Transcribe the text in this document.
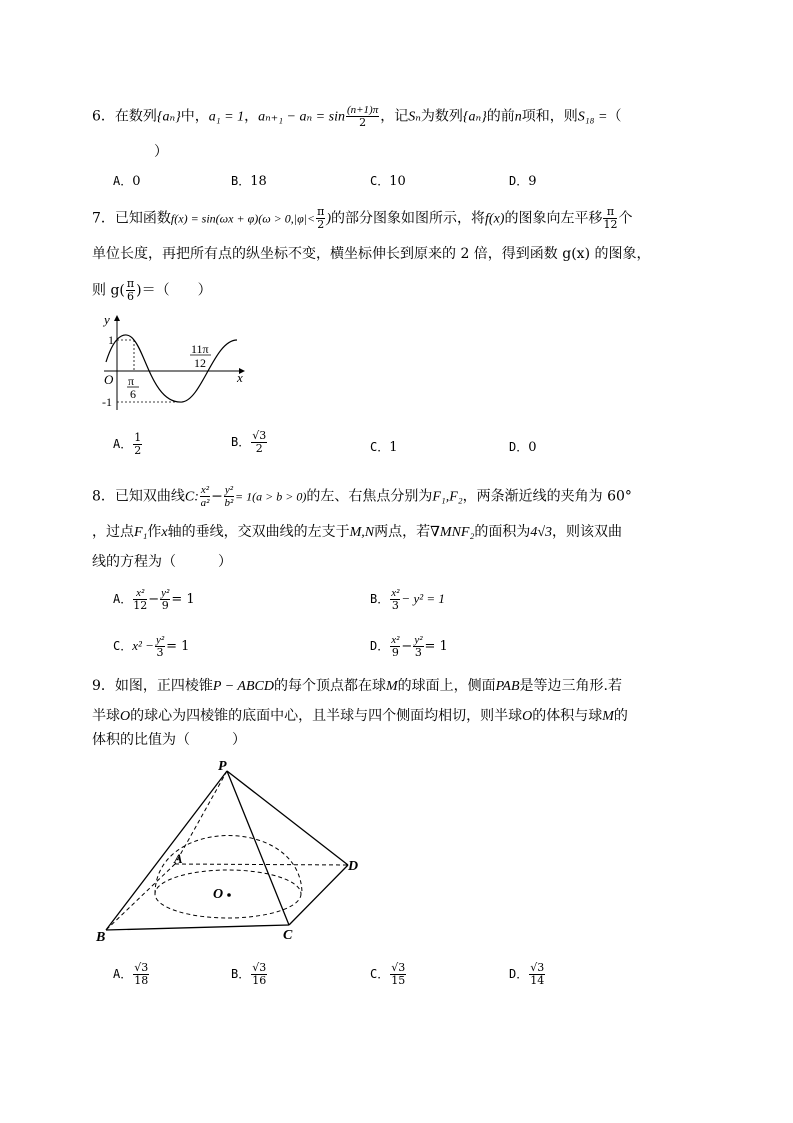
6．在数列{aₙ}中，a₁ = 1，$a_{n+1} - a_n = \sin \frac{(n+1)\pi}{2}$ ，记Sₙ为数列{aₙ}的前n项和，则S₁₈ =（
）
A．0	B．18	C．10	D．9
7．已知函数$f(x) = \sin(\omega x + \varphi)(\omega > 0,|\varphi|< \frac{\pi}{2}$ )的部分图象如图所示，将f(x)的图象向左平移 $\frac{\pi}{12}$ 个
单位长度，再把所有点的纵坐标不变，横坐标伸长到原来的 2 倍，得到函数 g(x) 的图象，
则 $g( \frac{\pi}{6}$ )＝（　　）
y
x
O
1
-1
π
6
11π
12
A． $\frac{1}{2}$	B． $\frac{√3}{2}$	C．1	D．0
8．已知双曲线C: $\frac{\text{x²}}{\text{a²}} - \frac{\text{y²}}{\text{b²}} = 1(a > b > 0)$的左、右焦点分别为F₁,F₂，两条渐近线的夹角为 60°
，过点F₁作x轴的垂线，交双曲线的左支于M,N两点，若∇MNF₂的面积为4√3，则该双曲
线的方程为（　　　）
A． $\frac{\text{x²}}{12} - \frac{\text{y²}}{9} = 1$	B． $\frac{\text{x²}}{3} - y^2 = 1$
C．$x^2 - \frac{\text{y²}}{3} = 1$	D． $\frac{\text{x²}}{9} - \frac{\text{y²}}{3} = 1$
9．如图，正四棱锥P − ABCD的每个顶点都在球M的球面上，侧面PAB是等边三角形.若
半球O的球心为四棱锥的底面中心，且半球与四个侧面均相切，则半球O的体积与球M的
体积的比值为（　　　）
P
A
B	C
D
O
A． $\frac{√3}{18}$	B． $\frac{√3}{16}$	C． $\frac{√3}{15}$	D． $\frac{√3}{14}$
